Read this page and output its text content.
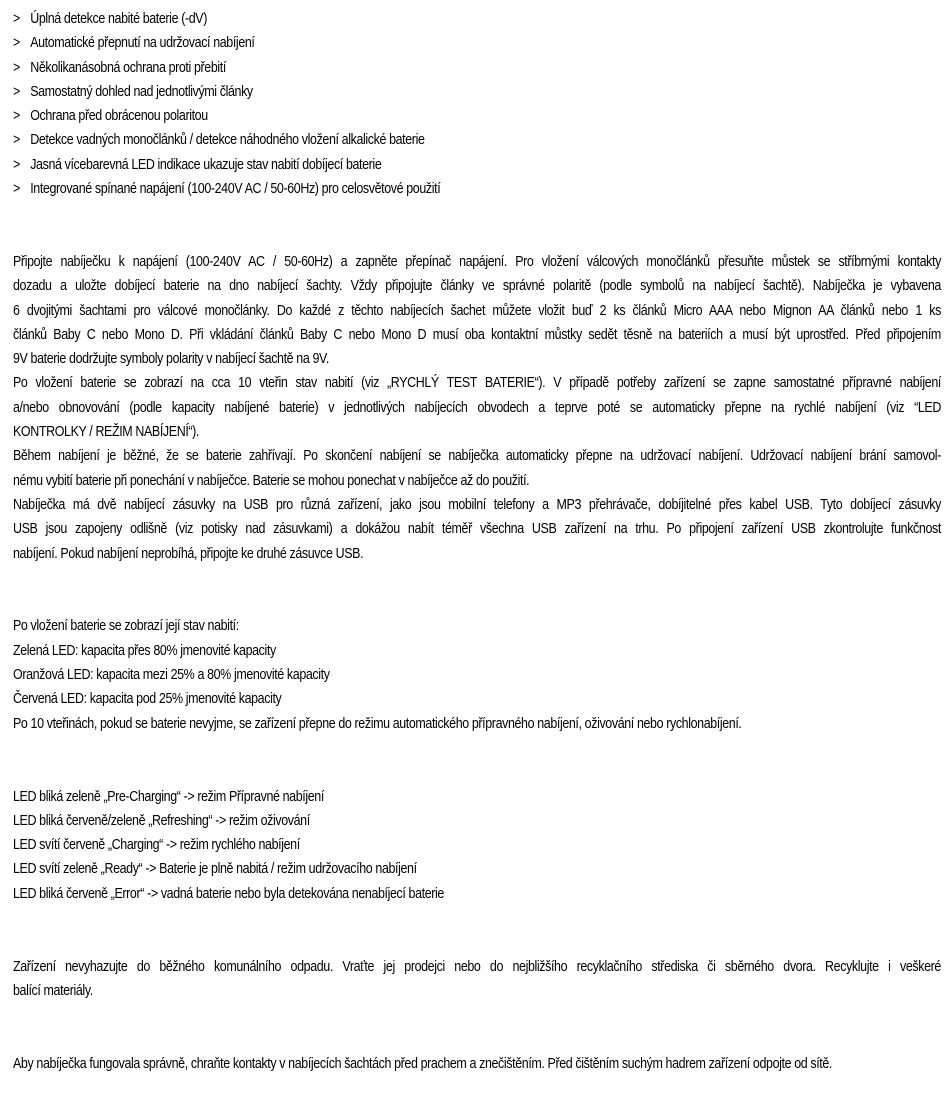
> Úplná detekce nabité baterie (-dV)
> Automatické přepnutí na udržovací nabíjení
> Několikanásobná ochrana proti přebití
> Samostatný dohled nad jednotlivými články
> Ochrana před obrácenou polaritou
> Detekce vadných monočlánků / detekce náhodného vložení alkalické baterie
> Jasná vícebarevná LED indikace ukazuje stav nabití dobíjecí baterie
> Integrované spínané napájení (100-240V AC / 50-60Hz) pro celosvětové použití

Připojte nabíječku k napájení (100-240V AC / 50-60Hz) a zapněte přepínač napájení. Pro vložení válcových monočlánků přesuňte můstek se stříbrnými kontakty
dozadu a uložte dobíjecí baterie na dno nabíjecí šachty. Vždy připojujte články ve správné polaritě (podle symbolů na nabíjecí šachtě). Nabíječka je vybavena
6 dvojitými šachtami pro válcové monočlánky. Do každé z těchto nabíjecích šachet můžete vložit buď 2 ks článků Micro AAA nebo Mignon AA článků nebo 1 ks
článků Baby C nebo Mono D. Při vkládání článků Baby C nebo Mono D musí oba kontaktní můstky sedět těsně na bateriích a musí být uprostřed. Před připojením
9V baterie dodržujte symboly polarity v nabíjecí šachtě na 9V.

Po vložení baterie se zobrazí na cca 10 vteřin stav nabití (viz „RYCHLÝ TEST BATERIE“). V případě potřeby zařízení se zapne samostatné přípravné nabíjení
a/nebo obnovování (podle kapacity nabíjené baterie) v jednotlivých nabíjecích obvodech a teprve poté se automaticky přepne na rychlé nabíjení (viz “LED
KONTROLKY / REŽIM NABÍJENÍ“).

Během nabíjení je běžné, že se baterie zahřívají. Po skončení nabíjení se nabíječka automaticky přepne na udržovací nabíjení. Udržovací nabíjení brání samovol-
nému vybití baterie při ponechání v nabíječce. Baterie se mohou ponechat v nabíječce až do použití.

Nabíječka má dvě nabíjecí zásuvky na USB pro různá zařízení, jako jsou mobilní telefony a MP3 přehrávače, dobíjitelné přes kabel USB. Tyto dobíjecí zásuvky
USB jsou zapojeny odlišně (viz potisky nad zásuvkami) a dokážou nabít téměř všechna USB zařízení na trhu. Po připojení zařízení USB zkontrolujte funkčnost
nabíjení. Pokud nabíjení neprobíhá, připojte ke druhé zásuvce USB.

Po vložení baterie se zobrazí její stav nabití:
Zelená LED: kapacita přes 80% jmenovité kapacity
Oranžová LED: kapacita mezi 25% a 80% jmenovité kapacity
Červená LED: kapacita pod 25% jmenovité kapacity
Po 10 vteřinách, pokud se baterie nevyjme, se zařízení přepne do režimu automatického přípravného nabíjení, oživování nebo rychlonabíjení.
LED bliká zeleně „Pre-Charging“ -> režim Přípravné nabíjení
LED bliká červeně/zeleně „Refreshing“ -> režim oživování
LED svítí červeně „Charging“ -> režim rychlého nabíjení
LED svítí zeleně „Ready“ -> Baterie je plně nabitá / režim udržovacího nabíjení
LED bliká červeně „Error“ -> vadná baterie nebo byla detekována nenabíjecí baterie
Zařízení nevyhazujte do běžného komunálního odpadu. Vraťte jej prodejci nebo do nejbližšího recyklačního střediska či sběrného dvora. Recyklujte i veškeré
balící materiály.
Aby nabíječka fungovala správně, chraňte kontakty v nabíjecích šachtách před prachem a znečištěním. Před čištěním suchým hadrem zařízení odpojte od sítě.
